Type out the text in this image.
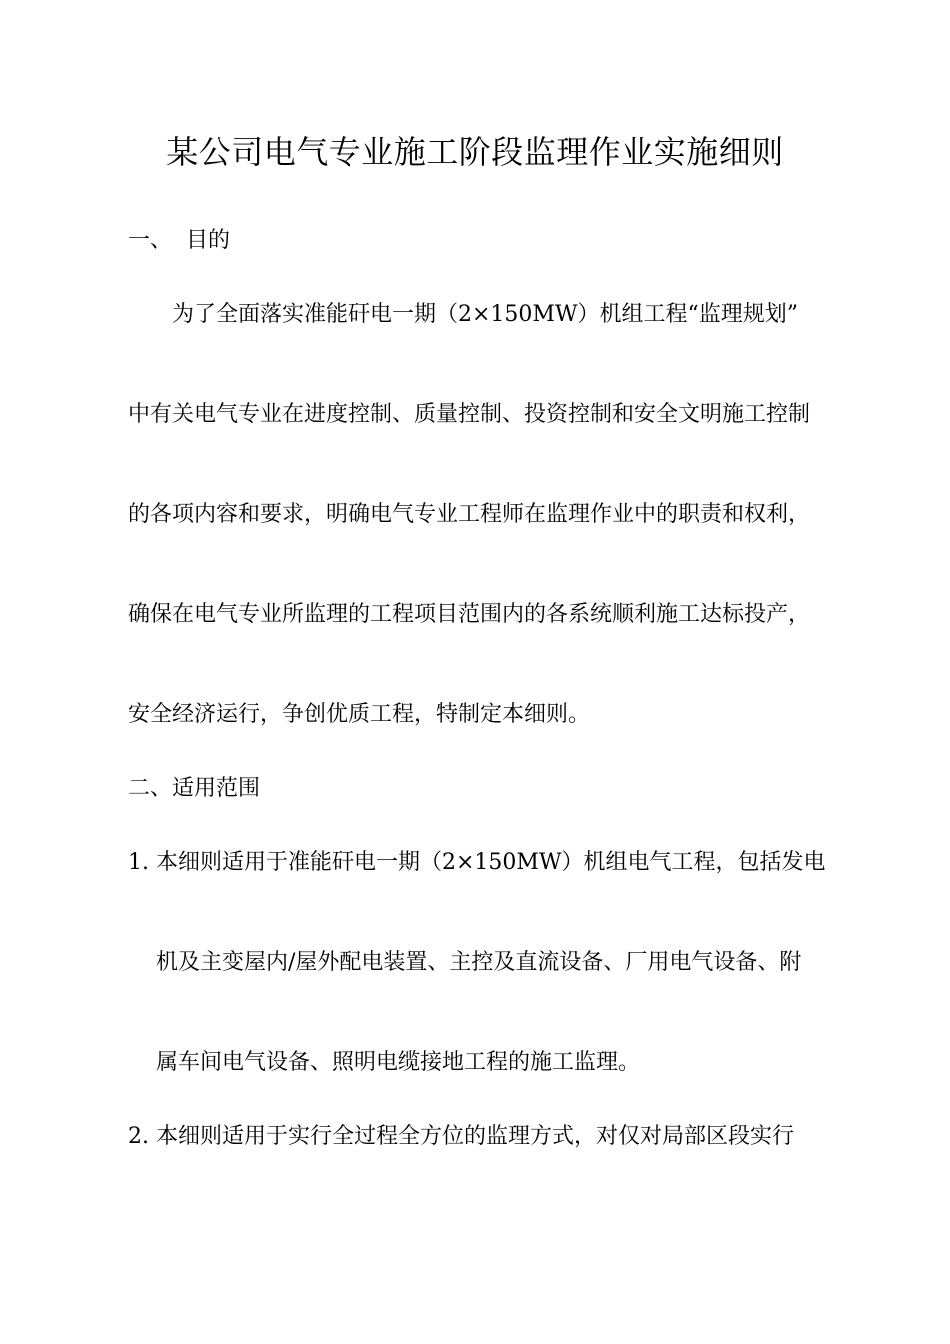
某公司电气专业施工阶段监理作业实施细则
一、 目的
为了全面落实准能矸电一期（2×150MW）机组工程“监理规划”
中有关电气专业在进度控制、质量控制、投资控制和安全文明施工控制
的各项内容和要求，明确电气专业工程师在监理作业中的职责和权利，
确保在电气专业所监理的工程项目范围内的各系统顺利施工达标投产，
安全经济运行，争创优质工程，特制定本细则。
二、适用范围
1. 本细则适用于准能矸电一期（2×150MW）机组电气工程，包括发电
机及主变屋内/屋外配电装置、主控及直流设备、厂用电气设备、附
属车间电气设备、照明电缆接地工程的施工监理。
2. 本细则适用于实行全过程全方位的监理方式，对仅对局部区段实行
